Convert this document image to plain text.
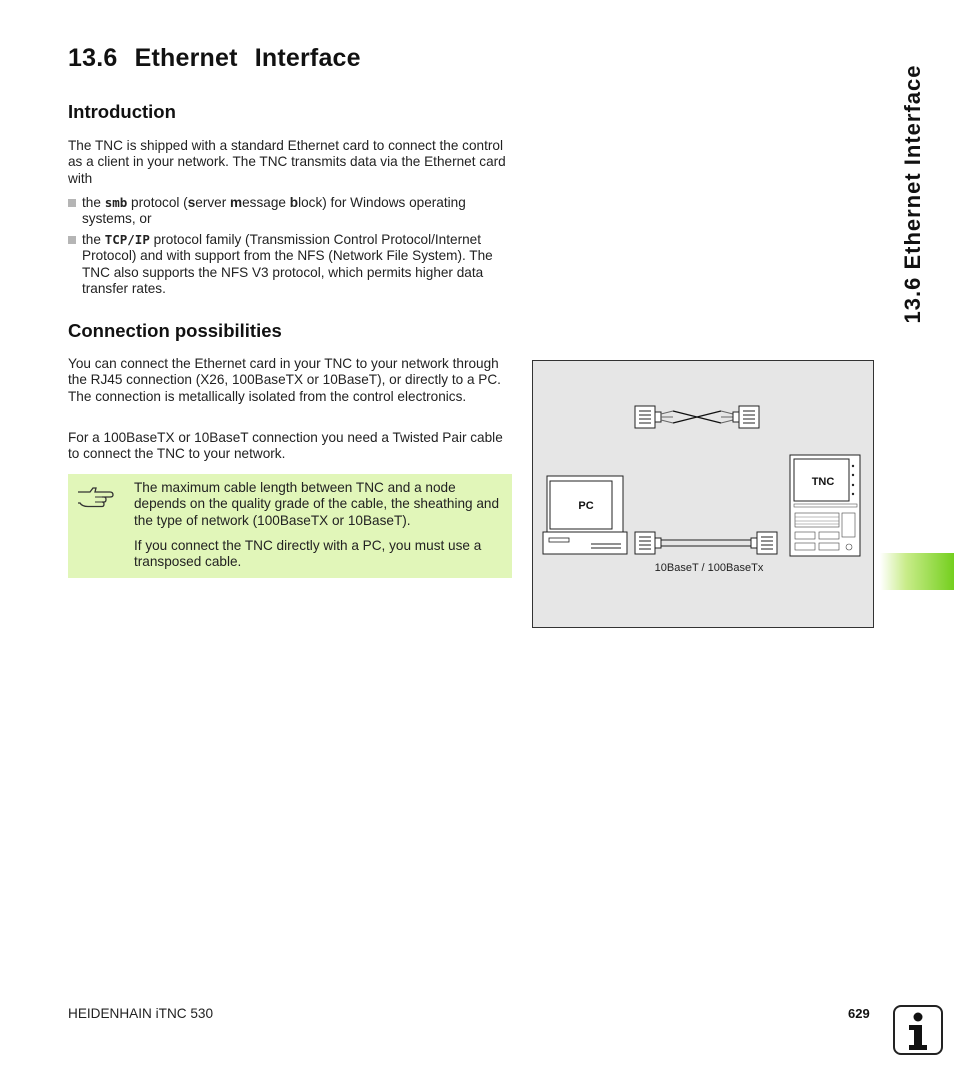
13.6 Ethernet Interface
13.6 Ethernet Interface
Introduction

The TNC is shipped with a standard Ethernet card to connect the control as a client in your network. The TNC transmits data via the Ethernet card with

the smb protocol (server message block) for Windows operating systems, or
the TCP/IP protocol family (Transmission Control Protocol/Internet Protocol) and with support from the NFS (Network File System). The TNC also supports the NFS V3 protocol, which permits higher data transfer rates.
Connection possibilities

You can connect the Ethernet card in your TNC to your network through the RJ45 connection (X26, 100BaseTX or 10BaseT), or directly to a PC. The connection is metallically isolated from the control electronics.

For a 100BaseTX or 10BaseT connection you need a Twisted Pair cable to connect the TNC to your network.

The maximum cable length between TNC and a node depends on the quality grade of the cable, the sheathing and the type of network (100BaseTX or 10BaseT).

If you connect the TNC directly with a PC, you must use a transposed cable.

PC
10BaseT / 100BaseTx
TNC
HEIDENHAIN iTNC 530	629
